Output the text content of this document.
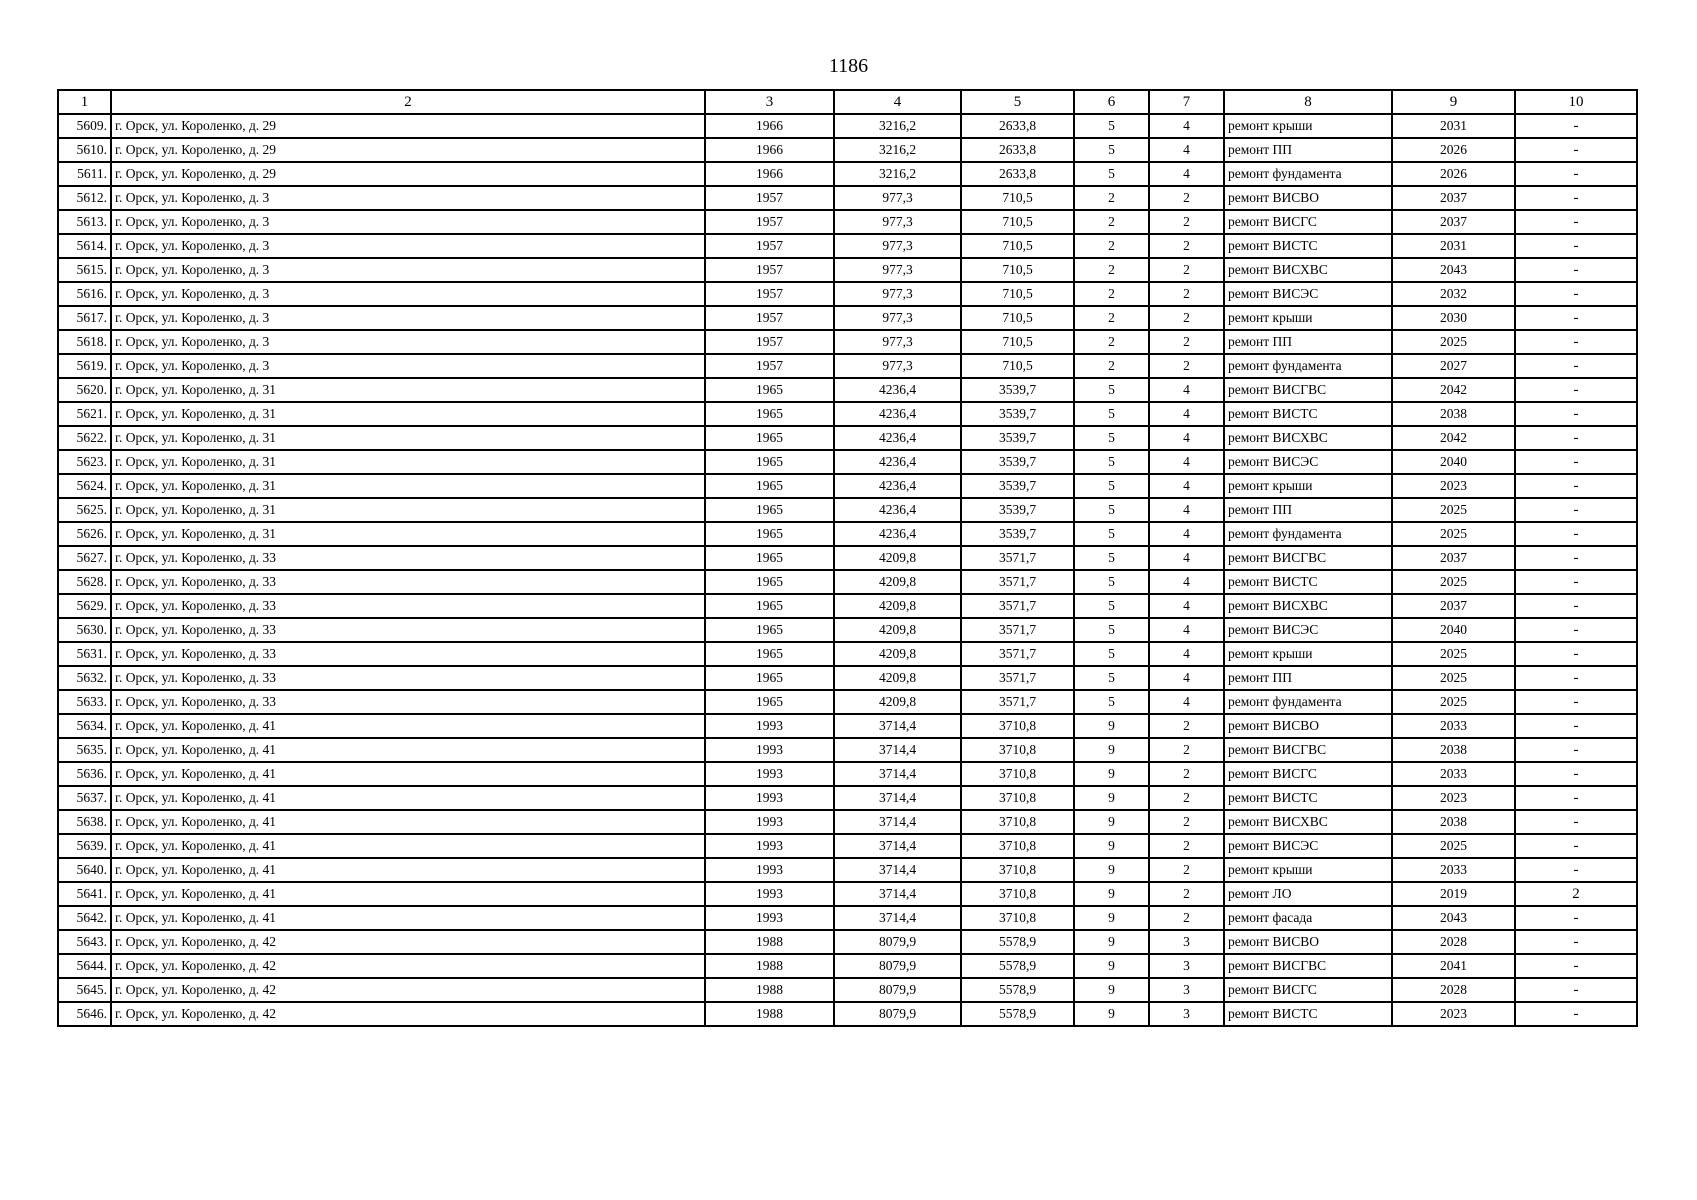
1186
1	2	3	4	5	6	7	8	9	10
5609.	г. Орск, ул. Короленко, д. 29	1966	3216,2	2633,8	5	4	ремонт крыши	2031	-
5610.	г. Орск, ул. Короленко, д. 29	1966	3216,2	2633,8	5	4	ремонт ПП	2026	-
5611.	г. Орск, ул. Короленко, д. 29	1966	3216,2	2633,8	5	4	ремонт фундамента	2026	-
5612.	г. Орск, ул. Короленко, д. 3	1957	977,3	710,5	2	2	ремонт ВИСВО	2037	-
5613.	г. Орск, ул. Короленко, д. 3	1957	977,3	710,5	2	2	ремонт ВИСГС	2037	-
5614.	г. Орск, ул. Короленко, д. 3	1957	977,3	710,5	2	2	ремонт ВИСТС	2031	-
5615.	г. Орск, ул. Короленко, д. 3	1957	977,3	710,5	2	2	ремонт ВИСХВС	2043	-
5616.	г. Орск, ул. Короленко, д. 3	1957	977,3	710,5	2	2	ремонт ВИСЭС	2032	-
5617.	г. Орск, ул. Короленко, д. 3	1957	977,3	710,5	2	2	ремонт крыши	2030	-
5618.	г. Орск, ул. Короленко, д. 3	1957	977,3	710,5	2	2	ремонт ПП	2025	-
5619.	г. Орск, ул. Короленко, д. 3	1957	977,3	710,5	2	2	ремонт фундамента	2027	-
5620.	г. Орск, ул. Короленко, д. 31	1965	4236,4	3539,7	5	4	ремонт ВИСГВС	2042	-
5621.	г. Орск, ул. Короленко, д. 31	1965	4236,4	3539,7	5	4	ремонт ВИСТС	2038	-
5622.	г. Орск, ул. Короленко, д. 31	1965	4236,4	3539,7	5	4	ремонт ВИСХВС	2042	-
5623.	г. Орск, ул. Короленко, д. 31	1965	4236,4	3539,7	5	4	ремонт ВИСЭС	2040	-
5624.	г. Орск, ул. Короленко, д. 31	1965	4236,4	3539,7	5	4	ремонт крыши	2023	-
5625.	г. Орск, ул. Короленко, д. 31	1965	4236,4	3539,7	5	4	ремонт ПП	2025	-
5626.	г. Орск, ул. Короленко, д. 31	1965	4236,4	3539,7	5	4	ремонт фундамента	2025	-
5627.	г. Орск, ул. Короленко, д. 33	1965	4209,8	3571,7	5	4	ремонт ВИСГВС	2037	-
5628.	г. Орск, ул. Короленко, д. 33	1965	4209,8	3571,7	5	4	ремонт ВИСТС	2025	-
5629.	г. Орск, ул. Короленко, д. 33	1965	4209,8	3571,7	5	4	ремонт ВИСХВС	2037	-
5630.	г. Орск, ул. Короленко, д. 33	1965	4209,8	3571,7	5	4	ремонт ВИСЭС	2040	-
5631.	г. Орск, ул. Короленко, д. 33	1965	4209,8	3571,7	5	4	ремонт крыши	2025	-
5632.	г. Орск, ул. Короленко, д. 33	1965	4209,8	3571,7	5	4	ремонт ПП	2025	-
5633.	г. Орск, ул. Короленко, д. 33	1965	4209,8	3571,7	5	4	ремонт фундамента	2025	-
5634.	г. Орск, ул. Короленко, д. 41	1993	3714,4	3710,8	9	2	ремонт ВИСВО	2033	-
5635.	г. Орск, ул. Короленко, д. 41	1993	3714,4	3710,8	9	2	ремонт ВИСГВС	2038	-
5636.	г. Орск, ул. Короленко, д. 41	1993	3714,4	3710,8	9	2	ремонт ВИСГС	2033	-
5637.	г. Орск, ул. Короленко, д. 41	1993	3714,4	3710,8	9	2	ремонт ВИСТС	2023	-
5638.	г. Орск, ул. Короленко, д. 41	1993	3714,4	3710,8	9	2	ремонт ВИСХВС	2038	-
5639.	г. Орск, ул. Короленко, д. 41	1993	3714,4	3710,8	9	2	ремонт ВИСЭС	2025	-
5640.	г. Орск, ул. Короленко, д. 41	1993	3714,4	3710,8	9	2	ремонт крыши	2033	-
5641.	г. Орск, ул. Короленко, д. 41	1993	3714,4	3710,8	9	2	ремонт ЛО	2019	2
5642.	г. Орск, ул. Короленко, д. 41	1993	3714,4	3710,8	9	2	ремонт фасада	2043	-
5643.	г. Орск, ул. Короленко, д. 42	1988	8079,9	5578,9	9	3	ремонт ВИСВО	2028	-
5644.	г. Орск, ул. Короленко, д. 42	1988	8079,9	5578,9	9	3	ремонт ВИСГВС	2041	-
5645.	г. Орск, ул. Короленко, д. 42	1988	8079,9	5578,9	9	3	ремонт ВИСГС	2028	-
5646.	г. Орск, ул. Короленко, д. 42	1988	8079,9	5578,9	9	3	ремонт ВИСТС	2023	-
